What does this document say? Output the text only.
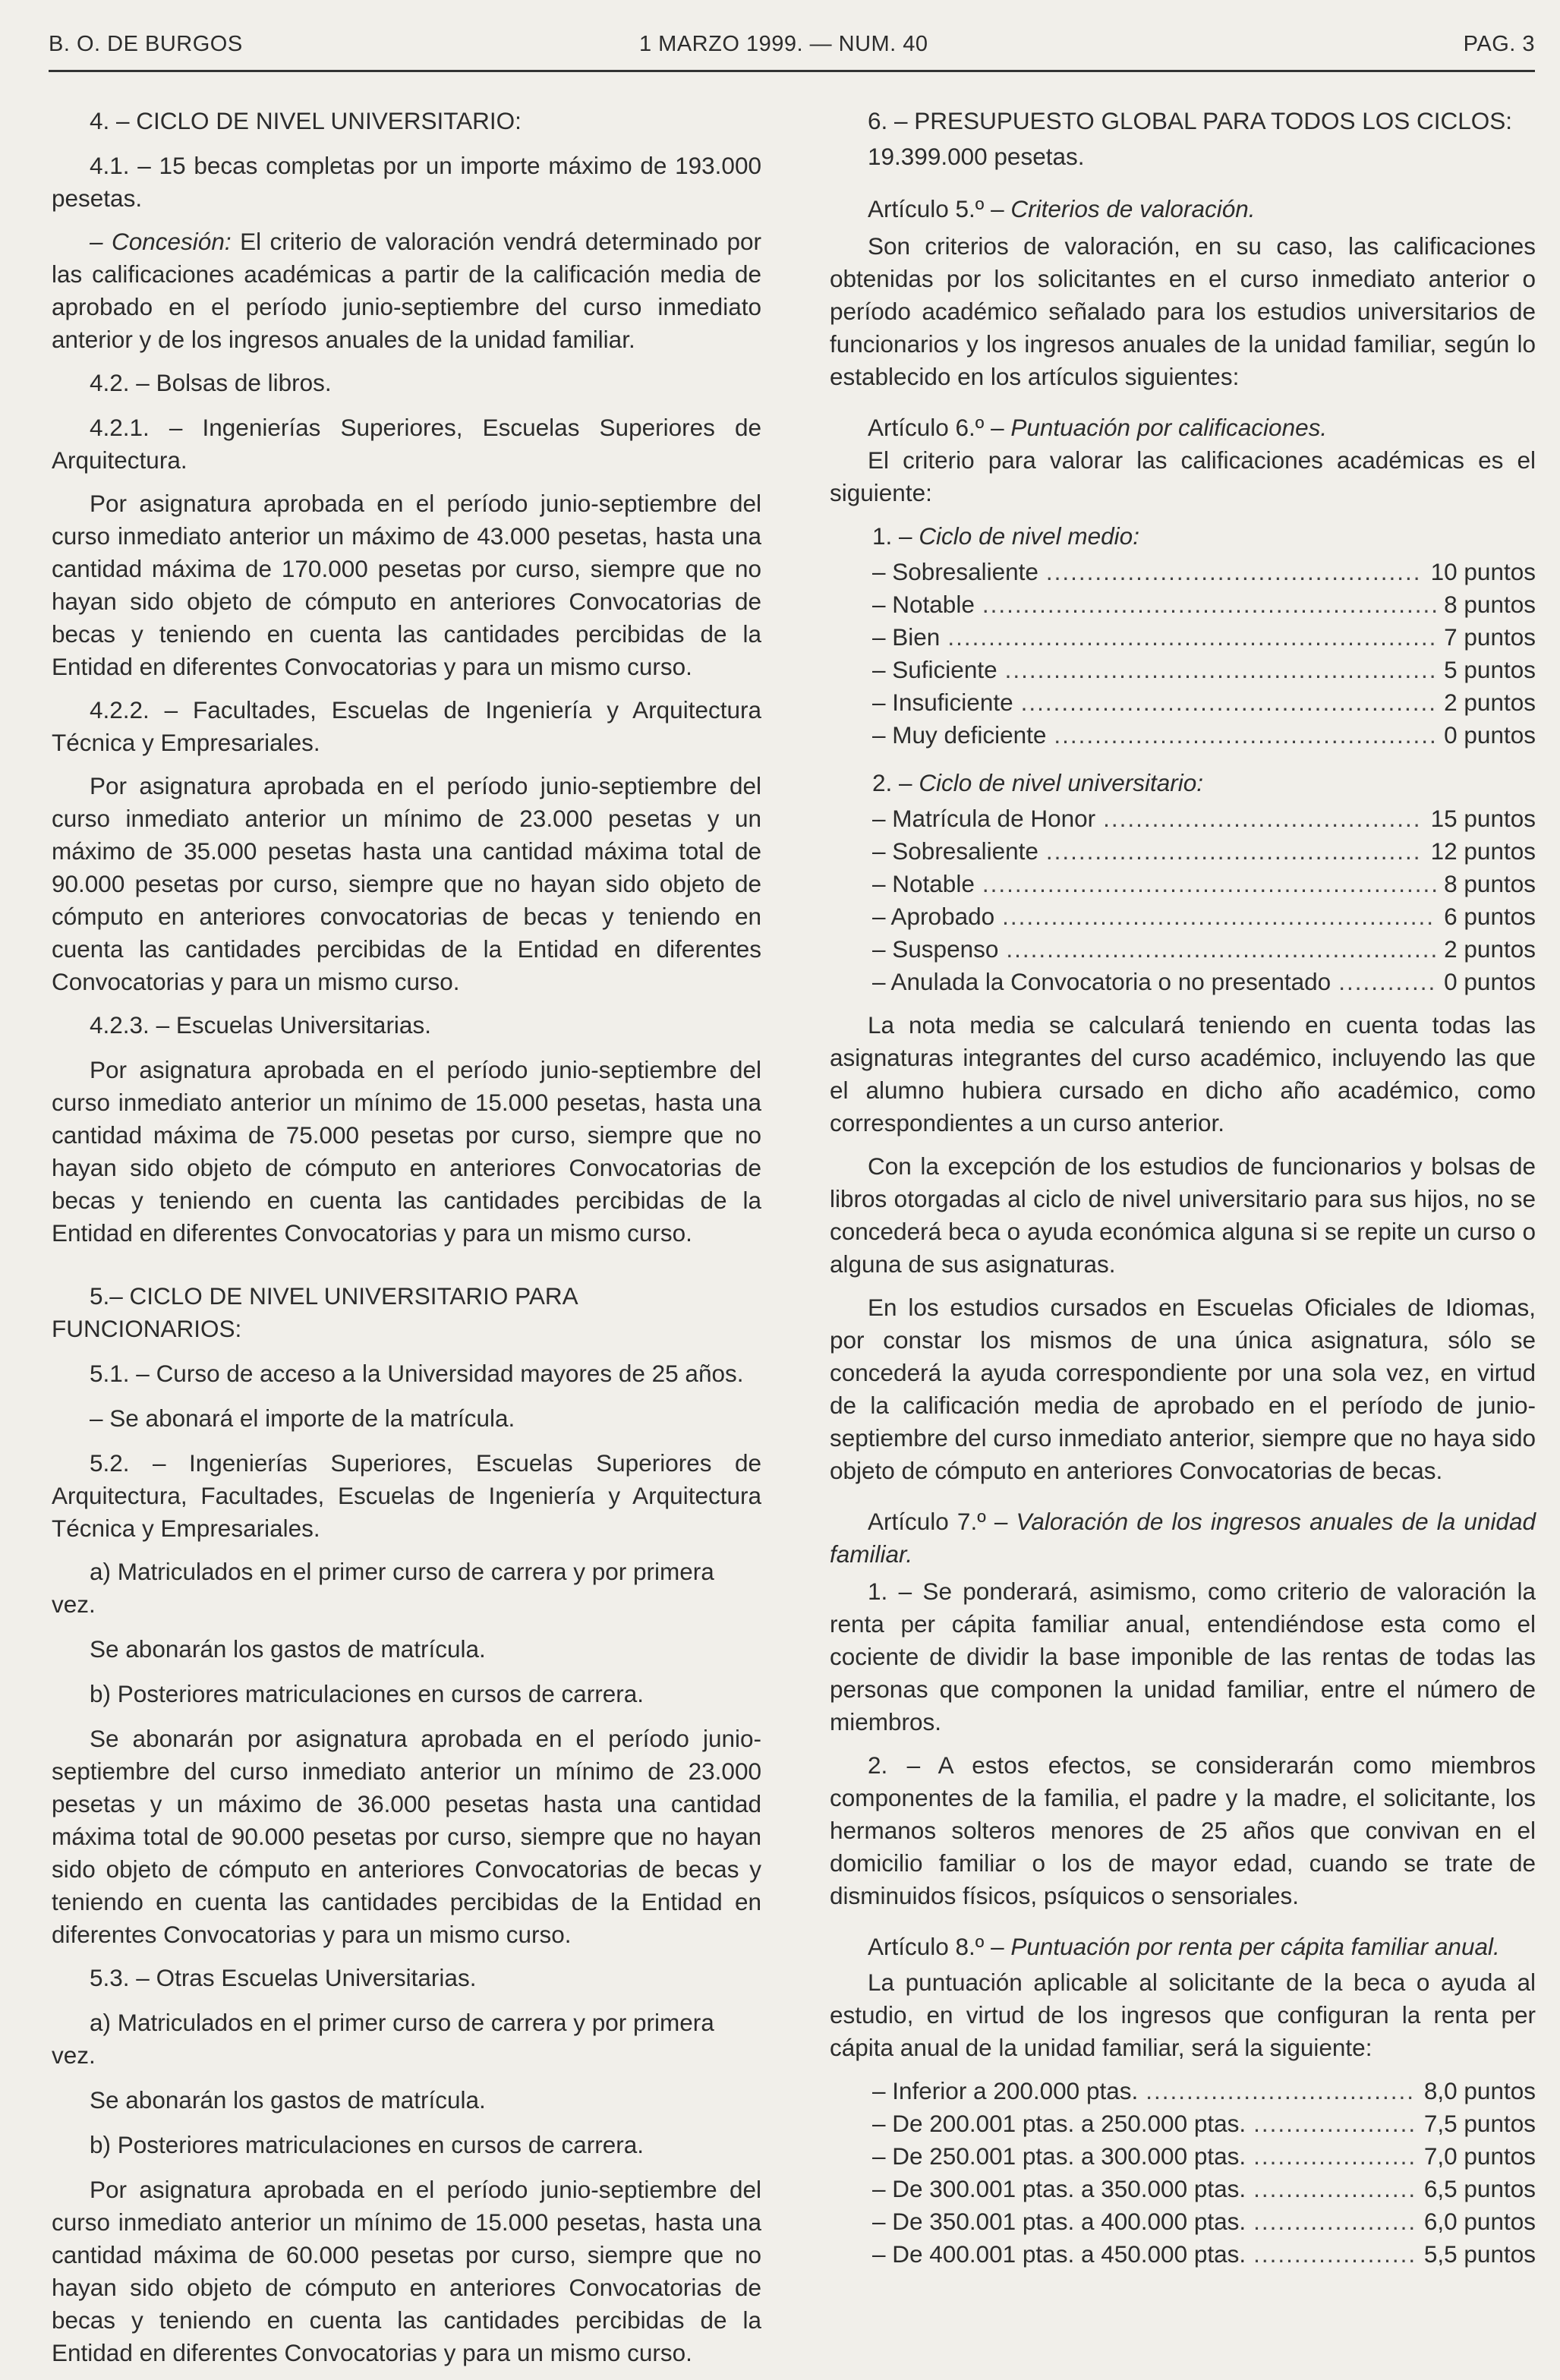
B. O. DE BURGOS	1 MARZO 1999. — NUM. 40	PAG. 3
4. – CICLO DE NIVEL UNIVERSITARIO:
4.1. – 15 becas completas por un importe máximo de 193.000 pesetas.
– Concesión: El criterio de valoración vendrá determinado por las calificaciones académicas a partir de la calificación media de aprobado en el período junio-septiembre del curso inmediato anterior y de los ingresos anuales de la unidad familiar.
4.2. – Bolsas de libros.
4.2.1. – Ingenierías Superiores, Escuelas Superiores de Arquitectura.
Por asignatura aprobada en el período junio-septiembre del curso inmediato anterior un máximo de 43.000 pesetas, hasta una cantidad máxima de 170.000 pesetas por curso, siempre que no hayan sido objeto de cómputo en anteriores Convocatorias de becas y teniendo en cuenta las cantidades percibidas de la Entidad en diferentes Convocatorias y para un mismo curso.
4.2.2. – Facultades, Escuelas de Ingeniería y Arquitectura Técnica y Empresariales.
Por asignatura aprobada en el período junio-septiembre del curso inmediato anterior un mínimo de 23.000 pesetas y un máximo de 35.000 pesetas hasta una cantidad máxima total de 90.000 pesetas por curso, siempre que no hayan sido objeto de cómputo en anteriores convocatorias de becas y teniendo en cuenta las cantidades percibidas de la Entidad en diferentes Convocatorias y para un mismo curso.
4.2.3. – Escuelas Universitarias.
Por asignatura aprobada en el período junio-septiembre del curso inmediato anterior un mínimo de 15.000 pesetas, hasta una cantidad máxima de 75.000 pesetas por curso, siempre que no hayan sido objeto de cómputo en anteriores Convocatorias de becas y teniendo en cuenta las cantidades percibidas de la Entidad en diferentes Convocatorias y para un mismo curso.
5.– CICLO DE NIVEL UNIVERSITARIO PARA FUNCIONARIOS:
5.1. – Curso de acceso a la Universidad mayores de 25 años.
– Se abonará el importe de la matrícula.
5.2. – Ingenierías Superiores, Escuelas Superiores de Arquitectura, Facultades, Escuelas de Ingeniería y Arquitectura Técnica y Empresariales.
a) Matriculados en el primer curso de carrera y por primera vez.
Se abonarán los gastos de matrícula.
b) Posteriores matriculaciones en cursos de carrera.
Se abonarán por asignatura aprobada en el período junio-septiembre del curso inmediato anterior un mínimo de 23.000 pesetas y un máximo de 36.000 pesetas hasta una cantidad máxima total de 90.000 pesetas por curso, siempre que no hayan sido objeto de cómputo en anteriores Convocatorias de becas y teniendo en cuenta las cantidades percibidas de la Entidad en diferentes Convocatorias y para un mismo curso.
5.3. – Otras Escuelas Universitarias.
a) Matriculados en el primer curso de carrera y por primera vez.
Se abonarán los gastos de matrícula.
b) Posteriores matriculaciones en cursos de carrera.
Por asignatura aprobada en el período junio-septiembre del curso inmediato anterior un mínimo de 15.000 pesetas, hasta una cantidad máxima de 60.000 pesetas por curso, siempre que no hayan sido objeto de cómputo en anteriores Convocatorias de becas y teniendo en cuenta las cantidades percibidas de la Entidad en diferentes Convocatorias y para un mismo curso.
6. – PRESUPUESTO GLOBAL PARA TODOS LOS CICLOS:
19.399.000 pesetas.
Artículo 5.º – Criterios de valoración.
Son criterios de valoración, en su caso, las calificaciones obtenidas por los solicitantes en el curso inmediato anterior o período académico señalado para los estudios universitarios de funcionarios y los ingresos anuales de la unidad familiar, según lo establecido en los artículos siguientes:
Artículo 6.º – Puntuación por calificaciones.
El criterio para valorar las calificaciones académicas es el siguiente:
1. – Ciclo de nivel medio:
– Sobresaliente .....	10 puntos
– Notable .....	8 puntos
– Bien .....	7 puntos
– Suficiente .....	5 puntos
– Insuficiente .....	2 puntos
– Muy deficiente .....	0 puntos
2. – Ciclo de nivel universitario:
– Matrícula de Honor .....	15 puntos
– Sobresaliente .....	12 puntos
– Notable .....	8 puntos
– Aprobado .....	6 puntos
– Suspenso .....	2 puntos
– Anulada la Convocatoria o no presentado .....	0 puntos
La nota media se calculará teniendo en cuenta todas las asignaturas integrantes del curso académico, incluyendo las que el alumno hubiera cursado en dicho año académico, como correspondientes a un curso anterior.
Con la excepción de los estudios de funcionarios y bolsas de libros otorgadas al ciclo de nivel universitario para sus hijos, no se concederá beca o ayuda económica alguna si se repite un curso o alguna de sus asignaturas.
En los estudios cursados en Escuelas Oficiales de Idiomas, por constar los mismos de una única asignatura, sólo se concederá la ayuda correspondiente por una sola vez, en virtud de la calificación media de aprobado en el período de junio-septiembre del curso inmediato anterior, siempre que no haya sido objeto de cómputo en anteriores Convocatorias de becas.
Artículo 7.º – Valoración de los ingresos anuales de la unidad familiar.
1. – Se ponderará, asimismo, como criterio de valoración la renta per cápita familiar anual, entendiéndose esta como el cociente de dividir la base imponible de las rentas de todas las personas que componen la unidad familiar, entre el número de miembros.
2. – A estos efectos, se considerarán como miembros componentes de la familia, el padre y la madre, el solicitante, los hermanos solteros menores de 25 años que convivan en el domicilio familiar o los de mayor edad, cuando se trate de disminuidos físicos, psíquicos o sensoriales.
Artículo 8.º – Puntuación por renta per cápita familiar anual.
La puntuación aplicable al solicitante de la beca o ayuda al estudio, en virtud de los ingresos que configuran la renta per cápita anual de la unidad familiar, será la siguiente:
– Inferior a 200.000 ptas. .....	8,0 puntos
– De 200.001 ptas. a 250.000 ptas. .....	7,5 puntos
– De 250.001 ptas. a 300.000 ptas. .....	7,0 puntos
– De 300.001 ptas. a 350.000 ptas. .....	6,5 puntos
– De 350.001 ptas. a 400.000 ptas. .....	6,0 puntos
– De 400.001 ptas. a 450.000 ptas. .....	5,5 puntos
